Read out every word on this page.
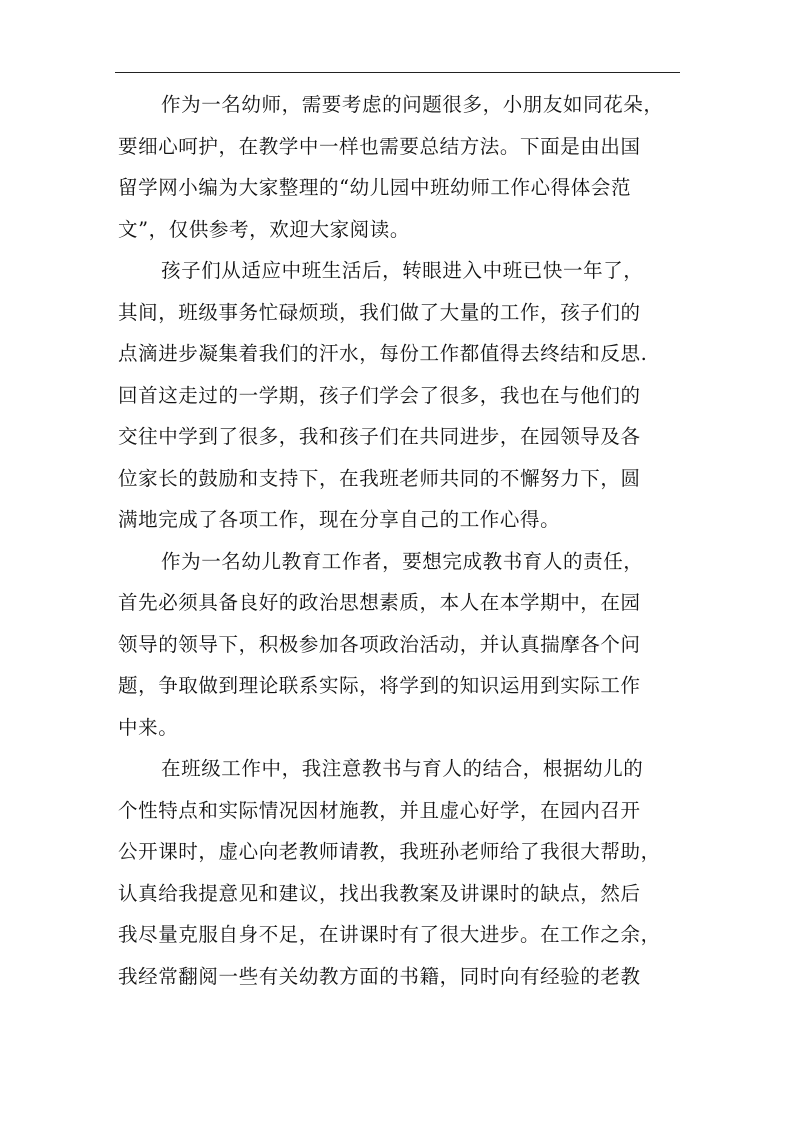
作为一名幼师，需要考虑的问题很多，小朋友如同花朵，
要细心呵护，在教学中一样也需要总结方法。下面是由出国
留学网小编为大家整理的“幼儿园中班幼师工作心得体会范
文”，仅供参考，欢迎大家阅读。
孩子们从适应中班生活后，转眼进入中班已快一年了，
其间，班级事务忙碌烦琐，我们做了大量的工作，孩子们的
点滴进步凝集着我们的汗水，每份工作都值得去终结和反思.
回首这走过的一学期，孩子们学会了很多，我也在与他们的
交往中学到了很多，我和孩子们在共同进步，在园领导及各
位家长的鼓励和支持下，在我班老师共同的不懈努力下，圆
满地完成了各项工作，现在分享自己的工作心得。
作为一名幼儿教育工作者，要想完成教书育人的责任，
首先必须具备良好的政治思想素质，本人在本学期中，在园
领导的领导下，积极参加各项政治活动，并认真揣摩各个问
题，争取做到理论联系实际，将学到的知识运用到实际工作
中来。
在班级工作中，我注意教书与育人的结合，根据幼儿的
个性特点和实际情况因材施教，并且虚心好学，在园内召开
公开课时，虚心向老教师请教，我班孙老师给了我很大帮助，
认真给我提意见和建议，找出我教案及讲课时的缺点，然后
我尽量克服自身不足，在讲课时有了很大进步。在工作之余，
我经常翻阅一些有关幼教方面的书籍，同时向有经验的老教
